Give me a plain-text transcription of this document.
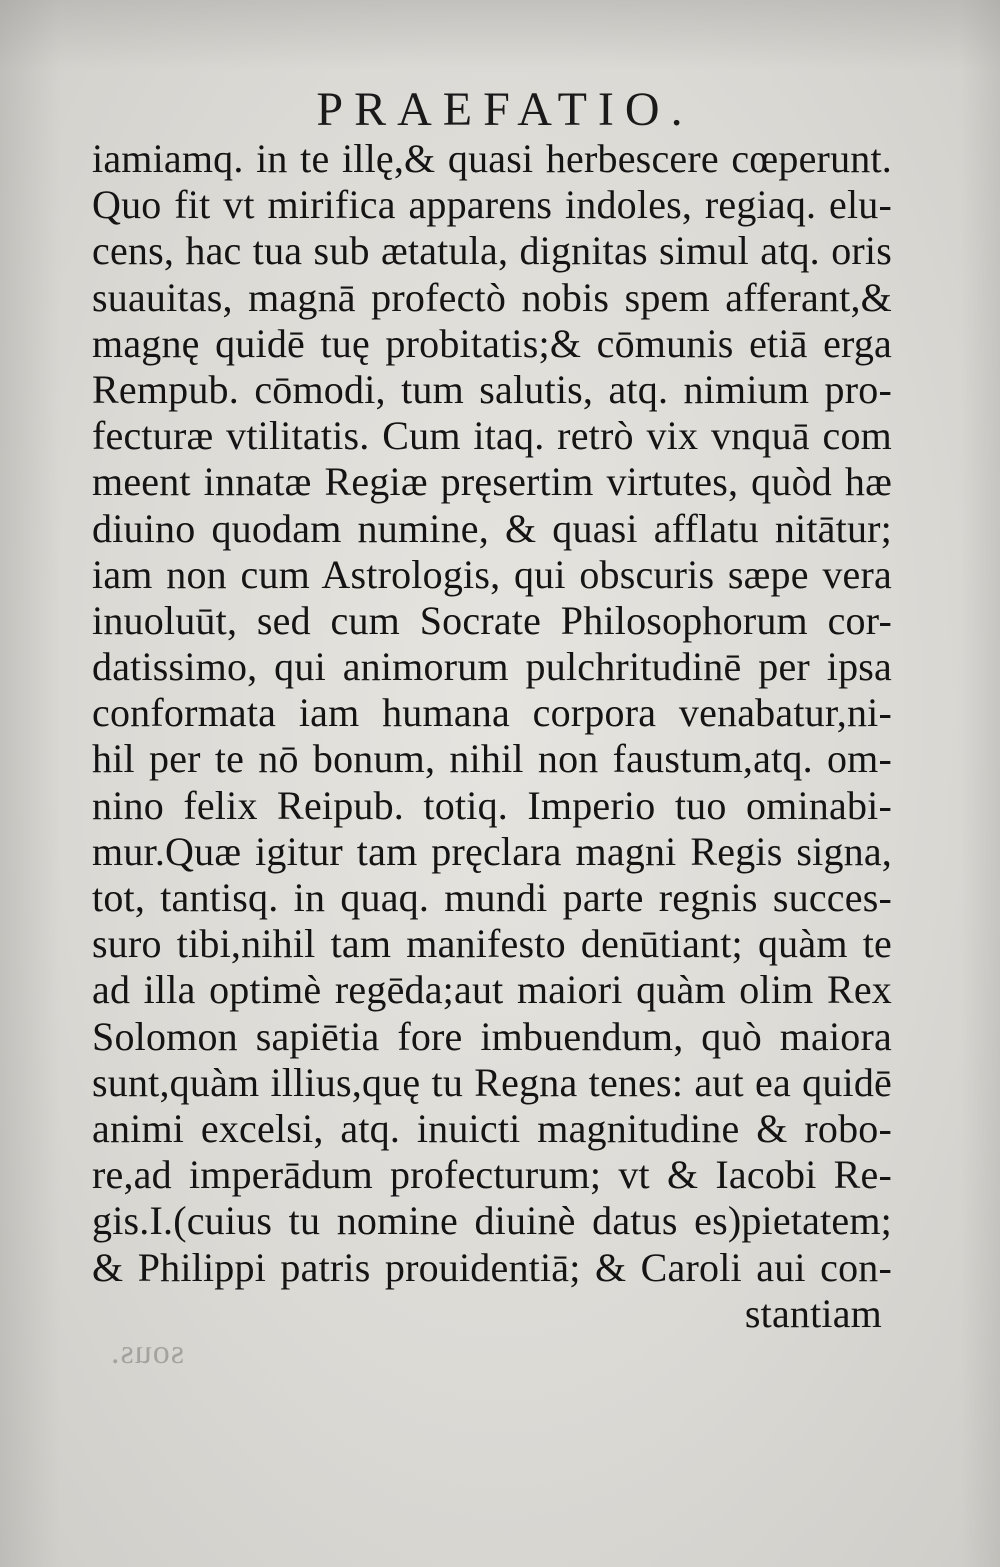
PRAEFATIO.
iamiamq. in te illę,& quasi herbescere cœperunt.
Quo fit vt mirifica apparens indoles, regiaq. elu-
cens, hac tua sub ætatula, dignitas simul atq. oris
suauitas, magnā profectò nobis spem afferant,&
magnę quidē tuę probitatis;& cōmunis etiā erga
Rempub. cōmodi, tum salutis, atq. nimium pro-
fecturæ vtilitatis. Cum itaq. retrò vix vnquā com
meent innatæ Regiæ pręsertim virtutes, quòd hæ
diuino quodam numine, & quasi afflatu nitātur;
iam non cum Astrologis, qui obscuris sæpe vera
inuoluūt, sed cum Socrate Philosophorum cor-
datissimo, qui animorum pulchritudinē per ipsa
conformata iam humana corpora venabatur,ni-
hil per te nō bonum, nihil non faustum,atq. om-
nino felix Reipub. totiq. Imperio tuo ominabi-
mur.Quæ igitur tam pręclara magni Regis signa,
tot, tantisq. in quaq. mundi parte regnis succes-
suro tibi,nihil tam manifesto denūtiant; quàm te
ad illa optimè regēda;aut maiori quàm olim Rex
Solomon sapiētia fore imbuendum, quò maiora
sunt,quàm illius,quę tu Regna tenes: aut ea quidē
animi excelsi, atq. inuicti magnitudine & robo-
re,ad imperādum profecturum; vt & Iacobi Re-
gis.I.(cuius tu nomine diuinè datus es)pietatem;
& Philippi patris prouidentiā; & Caroli aui con-
stantiam
sous.
